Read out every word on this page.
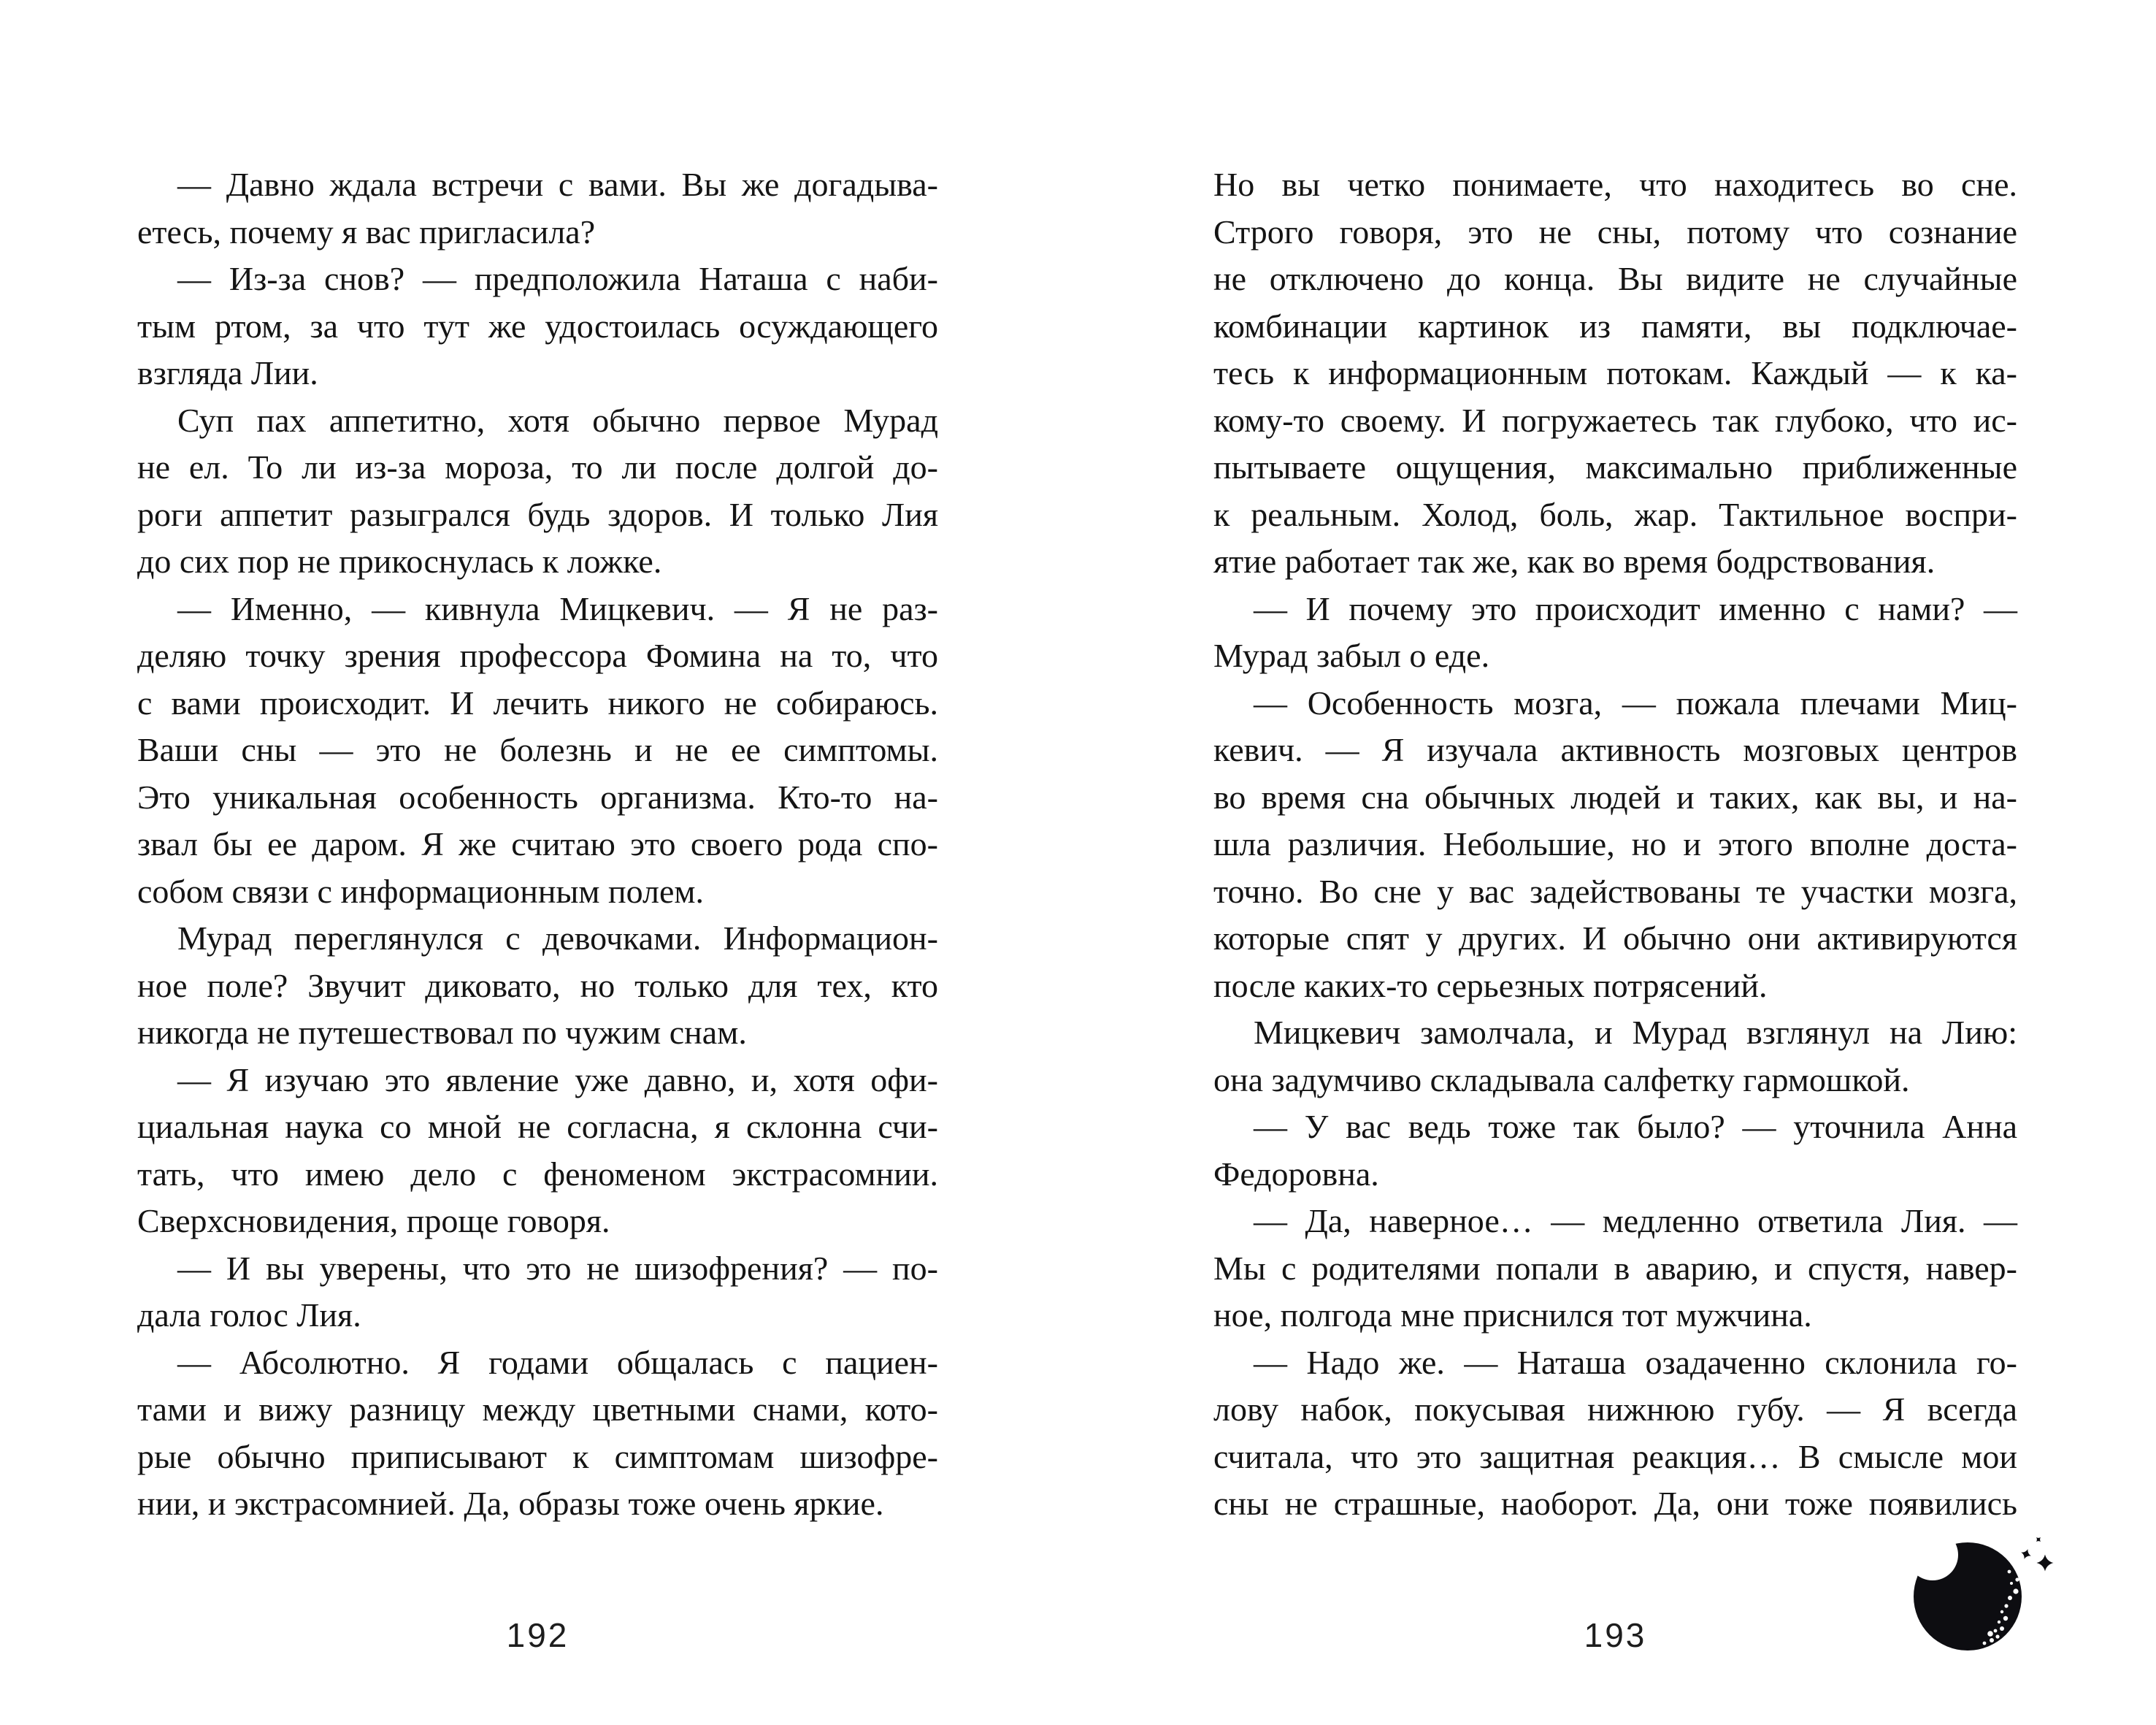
— Давно ждала встречи с вами. Вы же догадыва-
етесь, почему я вас пригласила?
— Из-за снов? — предположила Наташа с наби-
тым ртом, за что тут же удостоилась осуждающего
взгляда Лии.
Суп пах аппетитно, хотя обычно первое Мурад
не ел. То ли из-за мороза, то ли после долгой до-
роги аппетит разыгрался будь здоров. И только Лия
до сих пор не прикоснулась к ложке.
— Именно, — кивнула Мицкевич. — Я не раз-
деляю точку зрения профессора Фомина на то, что
с вами происходит. И лечить никого не собираюсь.
Ваши сны — это не болезнь и не ее симптомы.
Это уникальная особенность организма. Кто-то на-
звал бы ее даром. Я же считаю это своего рода спо-
собом связи с информационным полем.
Мурад переглянулся с девочками. Информацион-
ное поле? Звучит диковато, но только для тех, кто
никогда не путешествовал по чужим снам.
— Я изучаю это явление уже давно, и, хотя офи-
циальная наука со мной не согласна, я склонна счи-
тать, что имею дело с феноменом экстрасомнии.
Сверхсновидения, проще говоря.
— И вы уверены, что это не шизофрения? — по-
дала голос Лия.
— Абсолютно. Я годами общалась с пациен-
тами и вижу разницу между цветными снами, кото-
рые обычно приписывают к симптомам шизофре-
нии, и экстрасомнией. Да, образы тоже очень яркие.
Но вы четко понимаете, что находитесь во сне.
Строго говоря, это не сны, потому что сознание
не отключено до конца. Вы видите не случайные
комбинации картинок из памяти, вы подключае-
тесь к информационным потокам. Каждый — к ка-
кому-то своему. И погружаетесь так глубоко, что ис-
пытываете ощущения, максимально приближенные
к реальным. Холод, боль, жар. Тактильное воспри-
ятие работает так же, как во время бодрствования.
— И почему это происходит именно с нами? —
Мурад забыл о еде.
— Особенность мозга, — пожала плечами Миц-
кевич. — Я изучала активность мозговых центров
во время сна обычных людей и таких, как вы, и на-
шла различия. Небольшие, но и этого вполне доста-
точно. Во сне у вас задействованы те участки мозга,
которые спят у других. И обычно они активируются
после каких-то серьезных потрясений.
Мицкевич замолчала, и Мурад взглянул на Лию:
она задумчиво складывала салфетку гармошкой.
— У вас ведь тоже так было? — уточнила Анна
Федоровна.
— Да, наверное… — медленно ответила Лия. —
Мы с родителями попали в аварию, и спустя, навер-
ное, полгода мне приснился тот мужчина.
— Надо же. — Наташа озадаченно склонила го-
лову набок, покусывая нижнюю губу. — Я всегда
считала, что это защитная реакция… В смысле мои
сны не страшные, наоборот. Да, они тоже появились
192	193
